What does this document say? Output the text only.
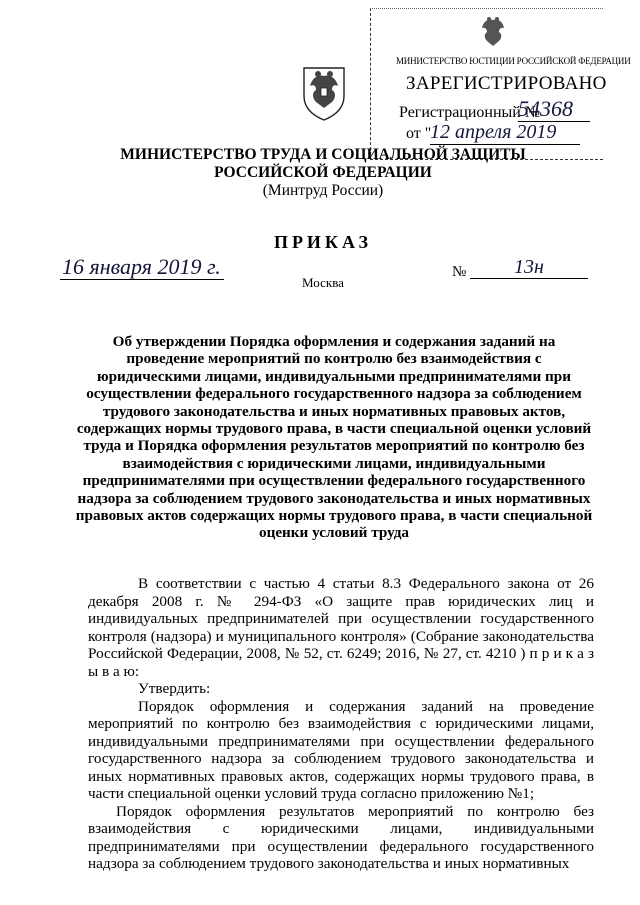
МИНИСТЕРСТВО ЮСТИЦИИ РОССИЙСКОЙ ФЕДЕРАЦИИ
ЗАРЕГИСТРИРОВАНО
Регистрационный №
54368
от "
12 апреля 2019
МИНИСТЕРСТВО ТРУДА И СОЦИАЛЬНОЙ ЗАЩИТЫ
РОССИЙСКОЙ ФЕДЕРАЦИИ
(Минтруд России)
ПРИКАЗ
16 января 2019 г.	№	13н
Москва
Об утверждении Порядка оформления и содержания заданий на проведение мероприятий по контролю без взаимодействия с юридическими лицами, индивидуальными предпринимателями при осуществлении федерального государственного надзора за соблюдением трудового законодательства и иных нормативных правовых актов, содержащих нормы трудового права, в части специальной оценки условий труда и Порядка оформления результатов мероприятий по контролю без взаимодействия с юридическими лицами, индивидуальными предпринимателями при осуществлении федерального государственного надзора за соблюдением трудового законодательства и иных нормативных правовых актов содержащих нормы трудового права, в части специальной оценки условий труда

В соответствии с частью 4 статьи 8.3 Федерального закона от 26 декабря 2008 г. № 294-ФЗ «О защите прав юридических лиц и индивидуальных предпринимателей при осуществлении государственного контроля (надзора) и муниципального контроля» (Собрание законодательства Российской Федерации, 2008, № 52, ст. 6249; 2016, № 27, ст. 4210 ) п р и к а з ы в а ю:

Утвердить:

Порядок оформления и содержания заданий на проведение мероприятий по контролю без взаимодействия с юридическими лицами, индивидуальными предпринимателями при осуществлении федерального государственного надзора за соблюдением трудового законодательства и иных нормативных правовых актов, содержащих нормы трудового права, в части специальной оценки условий труда согласно приложению №1;

Порядок оформления результатов мероприятий по контролю без взаимодействия с юридическими лицами, индивидуальными предпринимателями при осуществлении федерального государственного надзора за соблюдением трудового законодательства и иных нормативных
